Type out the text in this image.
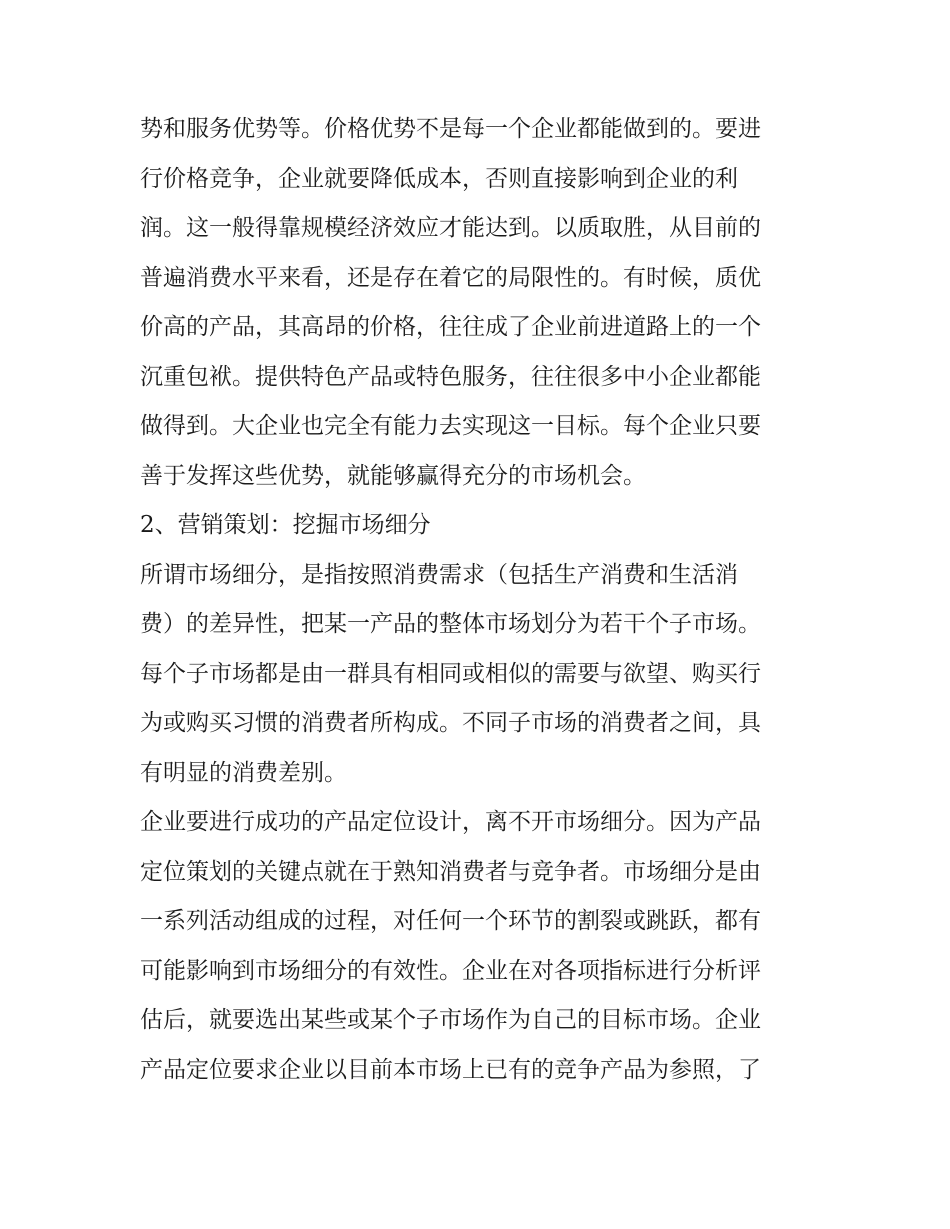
势和服务优势等。价格优势不是每一个企业都能做到的。要进
行价格竞争，企业就要降低成本，否则直接影响到企业的利
润。这一般得靠规模经济效应才能达到。以质取胜，从目前的
普遍消费水平来看，还是存在着它的局限性的。有时候，质优
价高的产品，其高昂的价格，往往成了企业前进道路上的一个
沉重包袱。提供特色产品或特色服务，往往很多中小企业都能
做得到。大企业也完全有能力去实现这一目标。每个企业只要
善于发挥这些优势，就能够赢得充分的市场机会。
2、营销策划：挖掘市场细分
所谓市场细分，是指按照消费需求（包括生产消费和生活消
费）的差异性，把某一产品的整体市场划分为若干个子市场。
每个子市场都是由一群具有相同或相似的需要与欲望、购买行
为或购买习惯的消费者所构成。不同子市场的消费者之间，具
有明显的消费差别。
企业要进行成功的产品定位设计，离不开市场细分。因为产品
定位策划的关键点就在于熟知消费者与竞争者。市场细分是由
一系列活动组成的过程，对任何一个环节的割裂或跳跃，都有
可能影响到市场细分的有效性。企业在对各项指标进行分析评
估后，就要选出某些或某个子市场作为自己的目标市场。企业
产品定位要求企业以目前本市场上已有的竞争产品为参照，了
